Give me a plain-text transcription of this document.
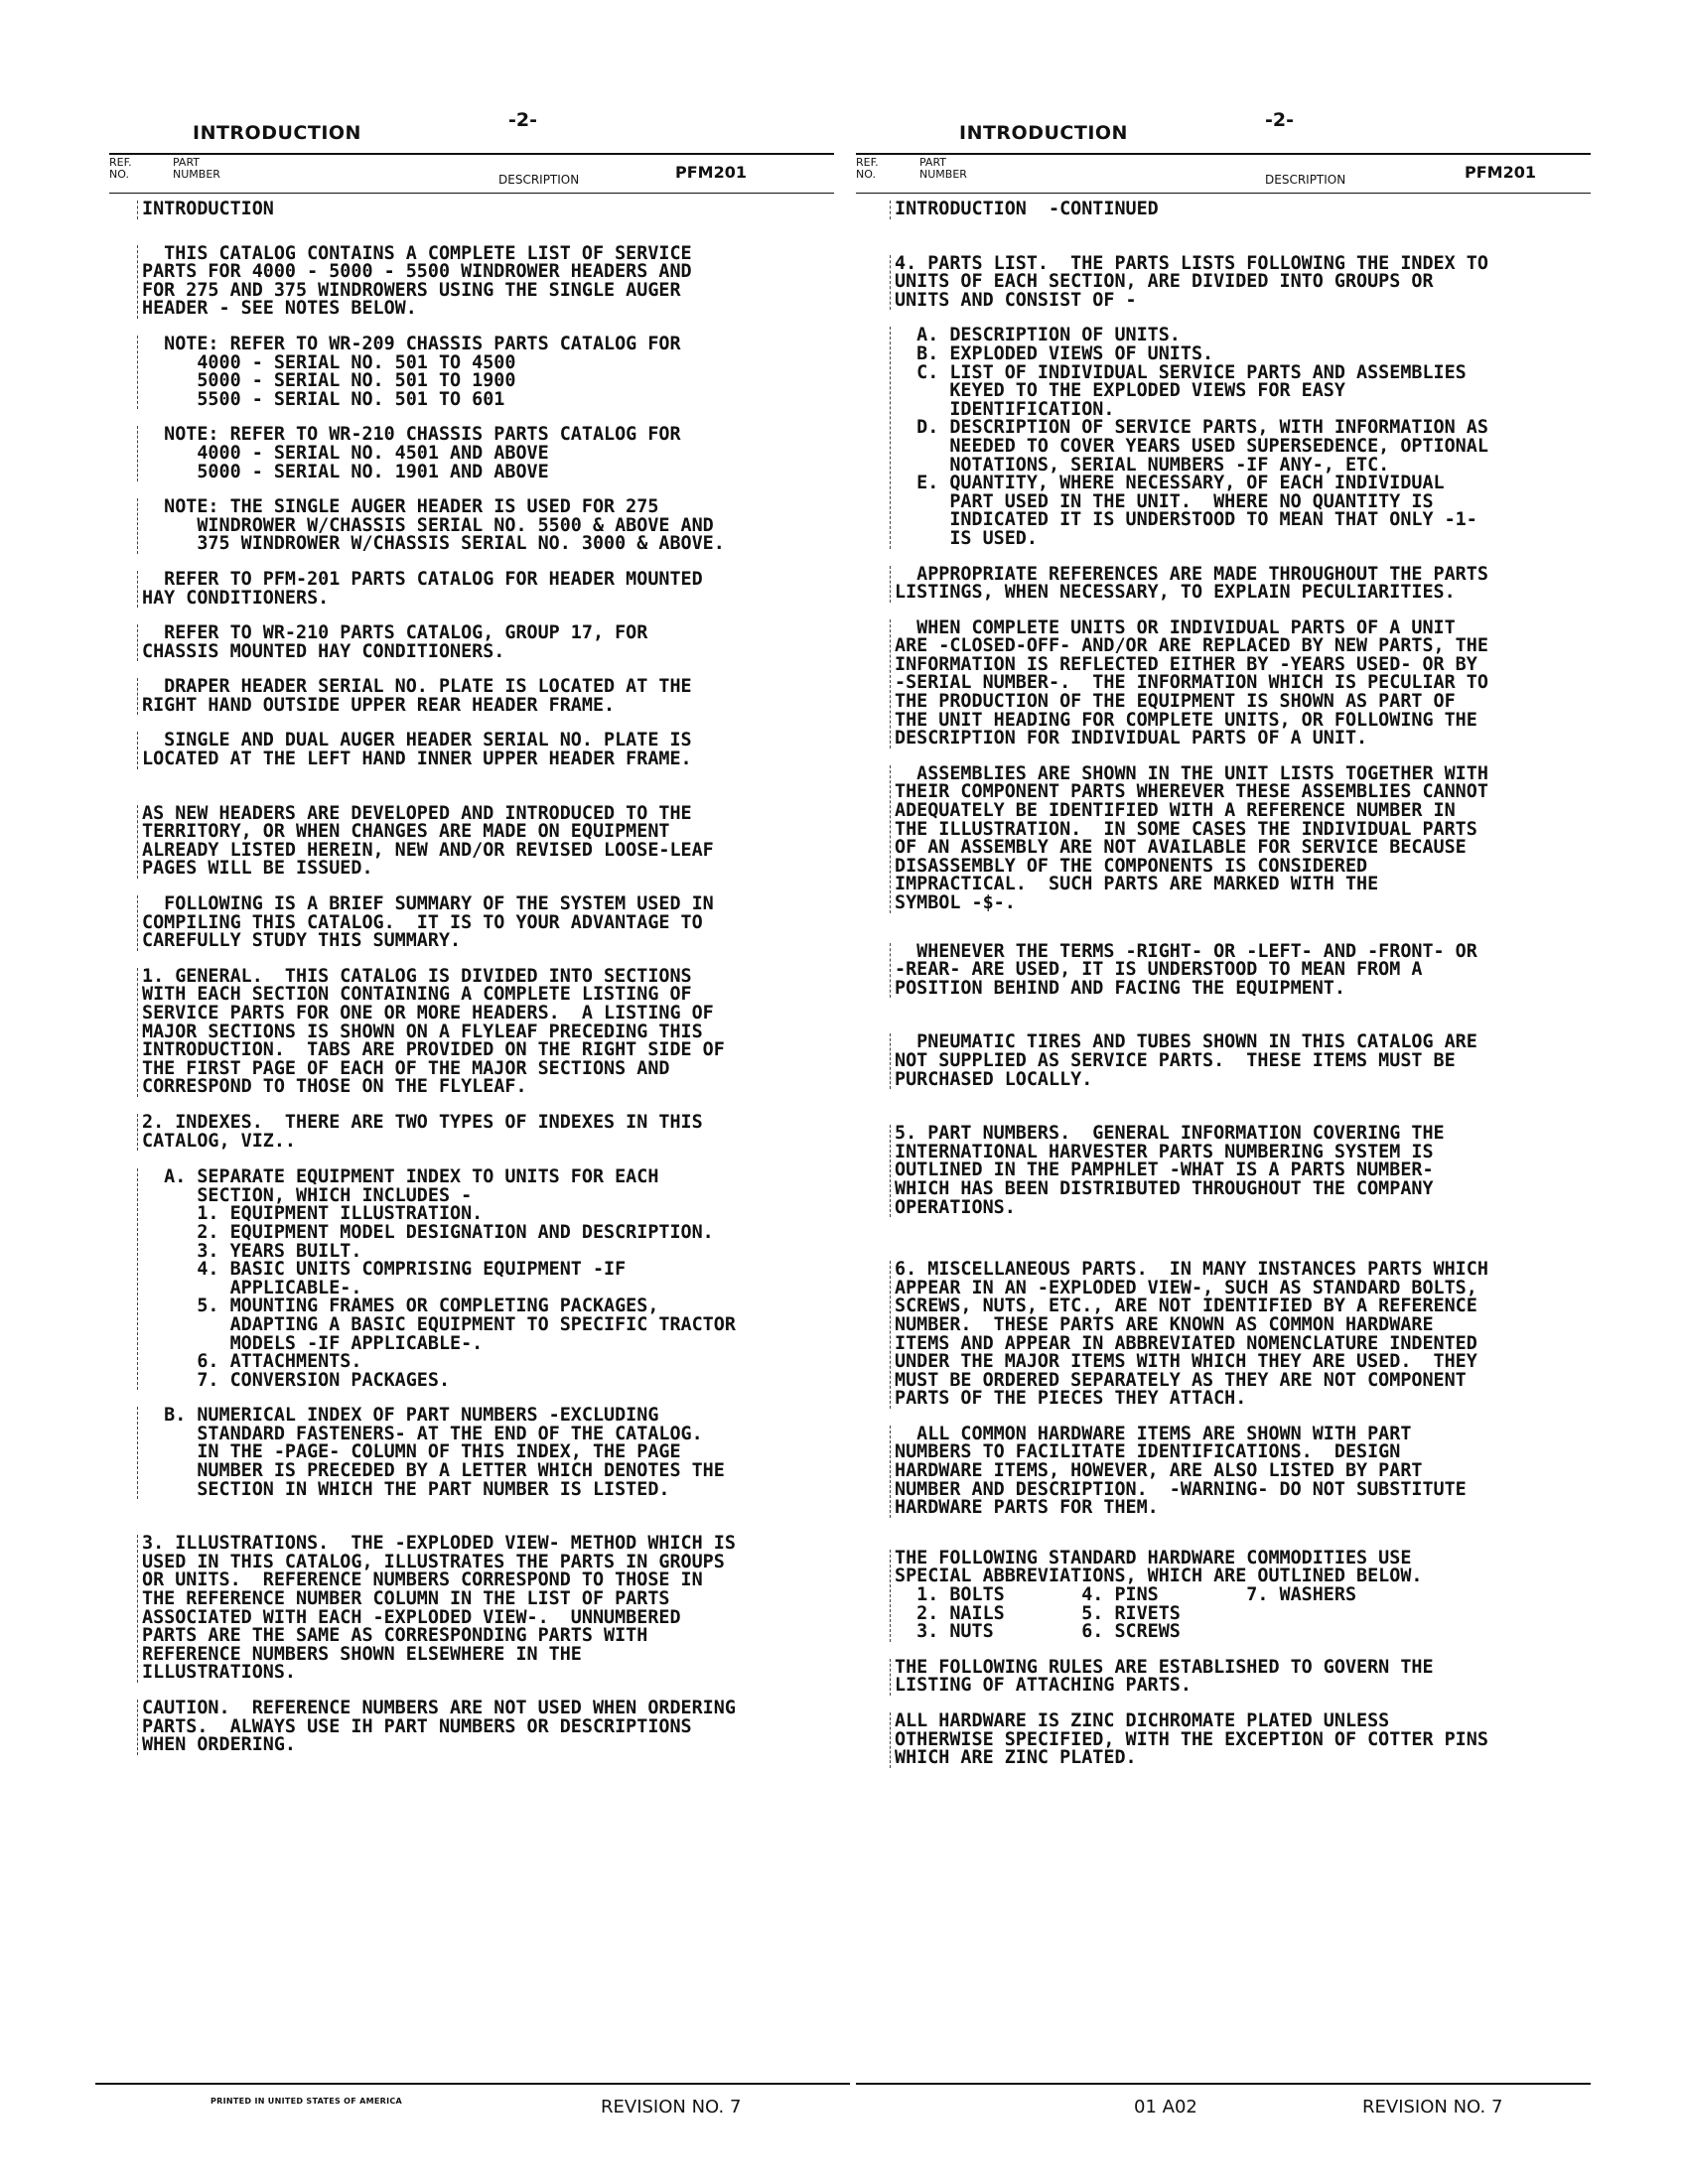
INTRODUCTION
-2-
REF.
NO.
PART
NUMBER	DESCRIPTION	PFM201
INTRODUCTION
THIS CATALOG CONTAINS A COMPLETE LIST OF SERVICE
PARTS FOR 4000 - 5000 - 5500 WINDROWER HEADERS AND
FOR 275 AND 375 WINDROWERS USING THE SINGLE AUGER
HEADER - SEE NOTES BELOW.
NOTE: REFER TO WR-209 CHASSIS PARTS CATALOG FOR
4000 - SERIAL NO. 501 TO 4500
5000 - SERIAL NO. 501 TO 1900
5500 - SERIAL NO. 501 TO 601
NOTE: REFER TO WR-210 CHASSIS PARTS CATALOG FOR
4000 - SERIAL NO. 4501 AND ABOVE
5000 - SERIAL NO. 1901 AND ABOVE
NOTE: THE SINGLE AUGER HEADER IS USED FOR 275
WINDROWER W/CHASSIS SERIAL NO. 5500 & ABOVE AND
375 WINDROWER W/CHASSIS SERIAL NO. 3000 & ABOVE.
REFER TO PFM-201 PARTS CATALOG FOR HEADER MOUNTED
HAY CONDITIONERS.
REFER TO WR-210 PARTS CATALOG, GROUP 17, FOR
CHASSIS MOUNTED HAY CONDITIONERS.
DRAPER HEADER SERIAL NO. PLATE IS LOCATED AT THE
RIGHT HAND OUTSIDE UPPER REAR HEADER FRAME.
SINGLE AND DUAL AUGER HEADER SERIAL NO. PLATE IS
LOCATED AT THE LEFT HAND INNER UPPER HEADER FRAME.
AS NEW HEADERS ARE DEVELOPED AND INTRODUCED TO THE
TERRITORY, OR WHEN CHANGES ARE MADE ON EQUIPMENT
ALREADY LISTED HEREIN, NEW AND/OR REVISED LOOSE-LEAF
PAGES WILL BE ISSUED.
FOLLOWING IS A BRIEF SUMMARY OF THE SYSTEM USED IN
COMPILING THIS CATALOG.  IT IS TO YOUR ADVANTAGE TO
CAREFULLY STUDY THIS SUMMARY.
1. GENERAL.  THIS CATALOG IS DIVIDED INTO SECTIONS
WITH EACH SECTION CONTAINING A COMPLETE LISTING OF
SERVICE PARTS FOR ONE OR MORE HEADERS.  A LISTING OF
MAJOR SECTIONS IS SHOWN ON A FLYLEAF PRECEDING THIS
INTRODUCTION.  TABS ARE PROVIDED ON THE RIGHT SIDE OF
THE FIRST PAGE OF EACH OF THE MAJOR SECTIONS AND
CORRESPOND TO THOSE ON THE FLYLEAF.
2. INDEXES.  THERE ARE TWO TYPES OF INDEXES IN THIS
CATALOG, VIZ..
A. SEPARATE EQUIPMENT INDEX TO UNITS FOR EACH
SECTION, WHICH INCLUDES -
1. EQUIPMENT ILLUSTRATION.
2. EQUIPMENT MODEL DESIGNATION AND DESCRIPTION.
3. YEARS BUILT.
4. BASIC UNITS COMPRISING EQUIPMENT -IF
APPLICABLE-.
5. MOUNTING FRAMES OR COMPLETING PACKAGES,
ADAPTING A BASIC EQUIPMENT TO SPECIFIC TRACTOR
MODELS -IF APPLICABLE-.
6. ATTACHMENTS.
7. CONVERSION PACKAGES.
B. NUMERICAL INDEX OF PART NUMBERS -EXCLUDING
STANDARD FASTENERS- AT THE END OF THE CATALOG.
IN THE -PAGE- COLUMN OF THIS INDEX, THE PAGE
NUMBER IS PRECEDED BY A LETTER WHICH DENOTES THE
SECTION IN WHICH THE PART NUMBER IS LISTED.
3. ILLUSTRATIONS.  THE -EXPLODED VIEW- METHOD WHICH IS
USED IN THIS CATALOG, ILLUSTRATES THE PARTS IN GROUPS
OR UNITS.  REFERENCE NUMBERS CORRESPOND TO THOSE IN
THE REFERENCE NUMBER COLUMN IN THE LIST OF PARTS
ASSOCIATED WITH EACH -EXPLODED VIEW-.  UNNUMBERED
PARTS ARE THE SAME AS CORRESPONDING PARTS WITH
REFERENCE NUMBERS SHOWN ELSEWHERE IN THE
ILLUSTRATIONS.
CAUTION.  REFERENCE NUMBERS ARE NOT USED WHEN ORDERING
PARTS.  ALWAYS USE IH PART NUMBERS OR DESCRIPTIONS
WHEN ORDERING.
PRINTED IN UNITED STATES OF AMERICA	REVISION NO. 7
INTRODUCTION
-2-
REF.
NO.
PART
NUMBER	DESCRIPTION	PFM201
INTRODUCTION  -CONTINUED
4. PARTS LIST.  THE PARTS LISTS FOLLOWING THE INDEX TO
UNITS OF EACH SECTION, ARE DIVIDED INTO GROUPS OR
UNITS AND CONSIST OF -
A. DESCRIPTION OF UNITS.
B. EXPLODED VIEWS OF UNITS.
C. LIST OF INDIVIDUAL SERVICE PARTS AND ASSEMBLIES
KEYED TO THE EXPLODED VIEWS FOR EASY
IDENTIFICATION.
D. DESCRIPTION OF SERVICE PARTS, WITH INFORMATION AS
NEEDED TO COVER YEARS USED SUPERSEDENCE, OPTIONAL
NOTATIONS, SERIAL NUMBERS -IF ANY-, ETC.
E. QUANTITY, WHERE NECESSARY, OF EACH INDIVIDUAL
PART USED IN THE UNIT.  WHERE NO QUANTITY IS
INDICATED IT IS UNDERSTOOD TO MEAN THAT ONLY -1-
IS USED.
APPROPRIATE REFERENCES ARE MADE THROUGHOUT THE PARTS
LISTINGS, WHEN NECESSARY, TO EXPLAIN PECULIARITIES.
WHEN COMPLETE UNITS OR INDIVIDUAL PARTS OF A UNIT
ARE -CLOSED-OFF- AND/OR ARE REPLACED BY NEW PARTS, THE
INFORMATION IS REFLECTED EITHER BY -YEARS USED- OR BY
-SERIAL NUMBER-.  THE INFORMATION WHICH IS PECULIAR TO
THE PRODUCTION OF THE EQUIPMENT IS SHOWN AS PART OF
THE UNIT HEADING FOR COMPLETE UNITS, OR FOLLOWING THE
DESCRIPTION FOR INDIVIDUAL PARTS OF A UNIT.
ASSEMBLIES ARE SHOWN IN THE UNIT LISTS TOGETHER WITH
THEIR COMPONENT PARTS WHEREVER THESE ASSEMBLIES CANNOT
ADEQUATELY BE IDENTIFIED WITH A REFERENCE NUMBER IN
THE ILLUSTRATION.  IN SOME CASES THE INDIVIDUAL PARTS
OF AN ASSEMBLY ARE NOT AVAILABLE FOR SERVICE BECAUSE
DISASSEMBLY OF THE COMPONENTS IS CONSIDERED
IMPRACTICAL.  SUCH PARTS ARE MARKED WITH THE
SYMBOL -$-.
WHENEVER THE TERMS -RIGHT- OR -LEFT- AND -FRONT- OR
-REAR- ARE USED, IT IS UNDERSTOOD TO MEAN FROM A
POSITION BEHIND AND FACING THE EQUIPMENT.
PNEUMATIC TIRES AND TUBES SHOWN IN THIS CATALOG ARE
NOT SUPPLIED AS SERVICE PARTS.  THESE ITEMS MUST BE
PURCHASED LOCALLY.
5. PART NUMBERS.  GENERAL INFORMATION COVERING THE
INTERNATIONAL HARVESTER PARTS NUMBERING SYSTEM IS
OUTLINED IN THE PAMPHLET -WHAT IS A PARTS NUMBER-
WHICH HAS BEEN DISTRIBUTED THROUGHOUT THE COMPANY
OPERATIONS.
6. MISCELLANEOUS PARTS.  IN MANY INSTANCES PARTS WHICH
APPEAR IN AN -EXPLODED VIEW-, SUCH AS STANDARD BOLTS,
SCREWS, NUTS, ETC., ARE NOT IDENTIFIED BY A REFERENCE
NUMBER.  THESE PARTS ARE KNOWN AS COMMON HARDWARE
ITEMS AND APPEAR IN ABBREVIATED NOMENCLATURE INDENTED
UNDER THE MAJOR ITEMS WITH WHICH THEY ARE USED.  THEY
MUST BE ORDERED SEPARATELY AS THEY ARE NOT COMPONENT
PARTS OF THE PIECES THEY ATTACH.
ALL COMMON HARDWARE ITEMS ARE SHOWN WITH PART
NUMBERS TO FACILITATE IDENTIFICATIONS.  DESIGN
HARDWARE ITEMS, HOWEVER, ARE ALSO LISTED BY PART
NUMBER AND DESCRIPTION.  -WARNING- DO NOT SUBSTITUTE
HARDWARE PARTS FOR THEM.
THE FOLLOWING STANDARD HARDWARE COMMODITIES USE
SPECIAL ABBREVIATIONS, WHICH ARE OUTLINED BELOW.
1. BOLTS       4. PINS        7. WASHERS
2. NAILS       5. RIVETS
3. NUTS        6. SCREWS
THE FOLLOWING RULES ARE ESTABLISHED TO GOVERN THE
LISTING OF ATTACHING PARTS.
ALL HARDWARE IS ZINC DICHROMATE PLATED UNLESS
OTHERWISE SPECIFIED, WITH THE EXCEPTION OF COTTER PINS
WHICH ARE ZINC PLATED.
01 A02	REVISION NO. 7
